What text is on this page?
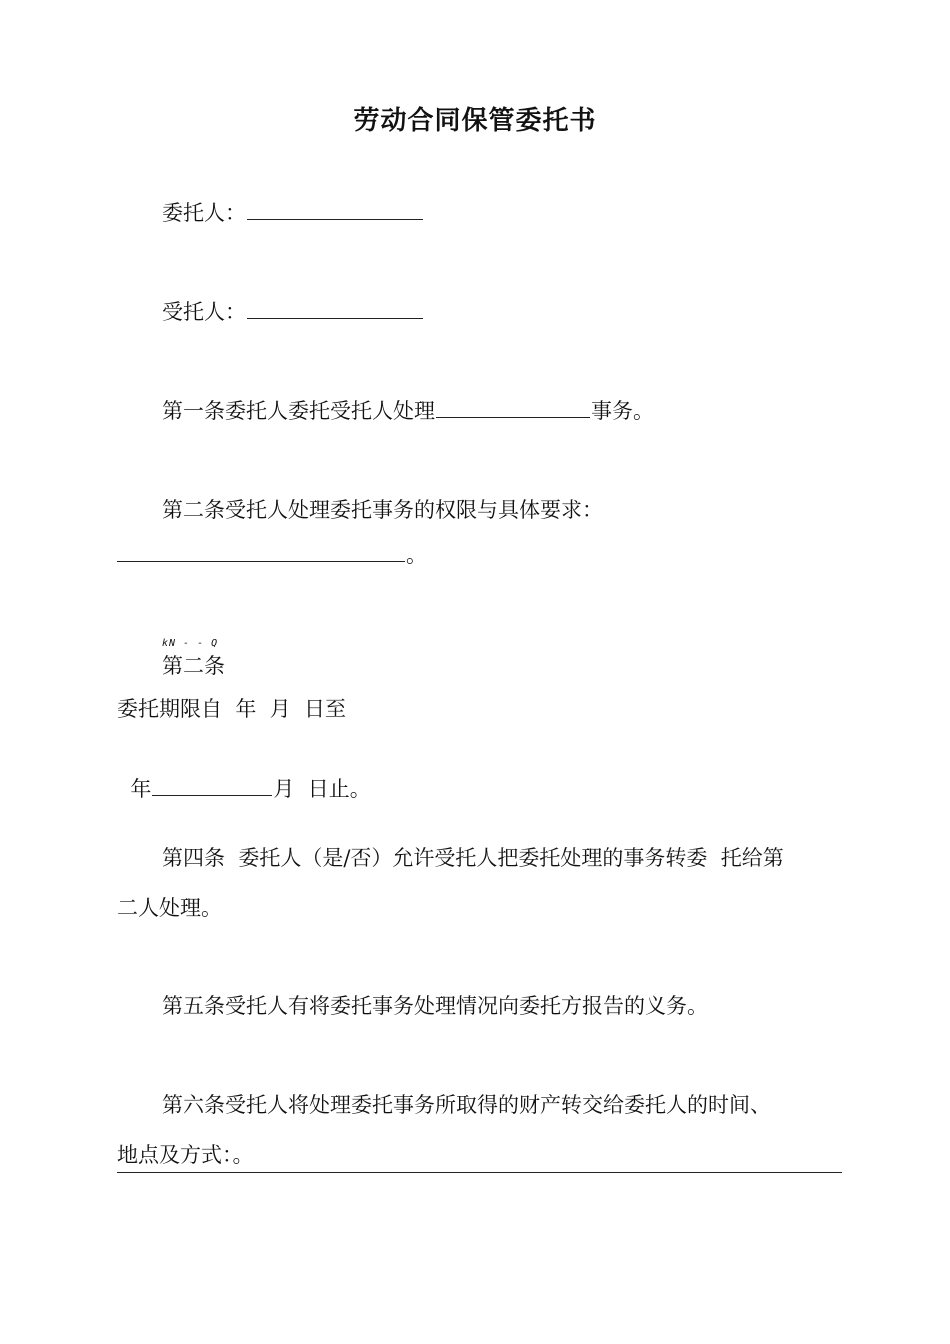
劳动合同保管委托书
委托人：
受托人：
第一条委托人委托受托人处理	事务。
第二条受托人处理委托事务的权限与具体要求：
。
kN - - Q
第二条
委托期限自  年  月  日至

年	月  日止。

第四条  委托人（是/否）允许受托人把委托处理的事务转委  托给第
二人处理。
第五条受托人有将委托事务处理情况向委托方报告的义务。
第六条受托人将处理委托事务所取得的财产转交给委托人的时间、
地点及方式：。
